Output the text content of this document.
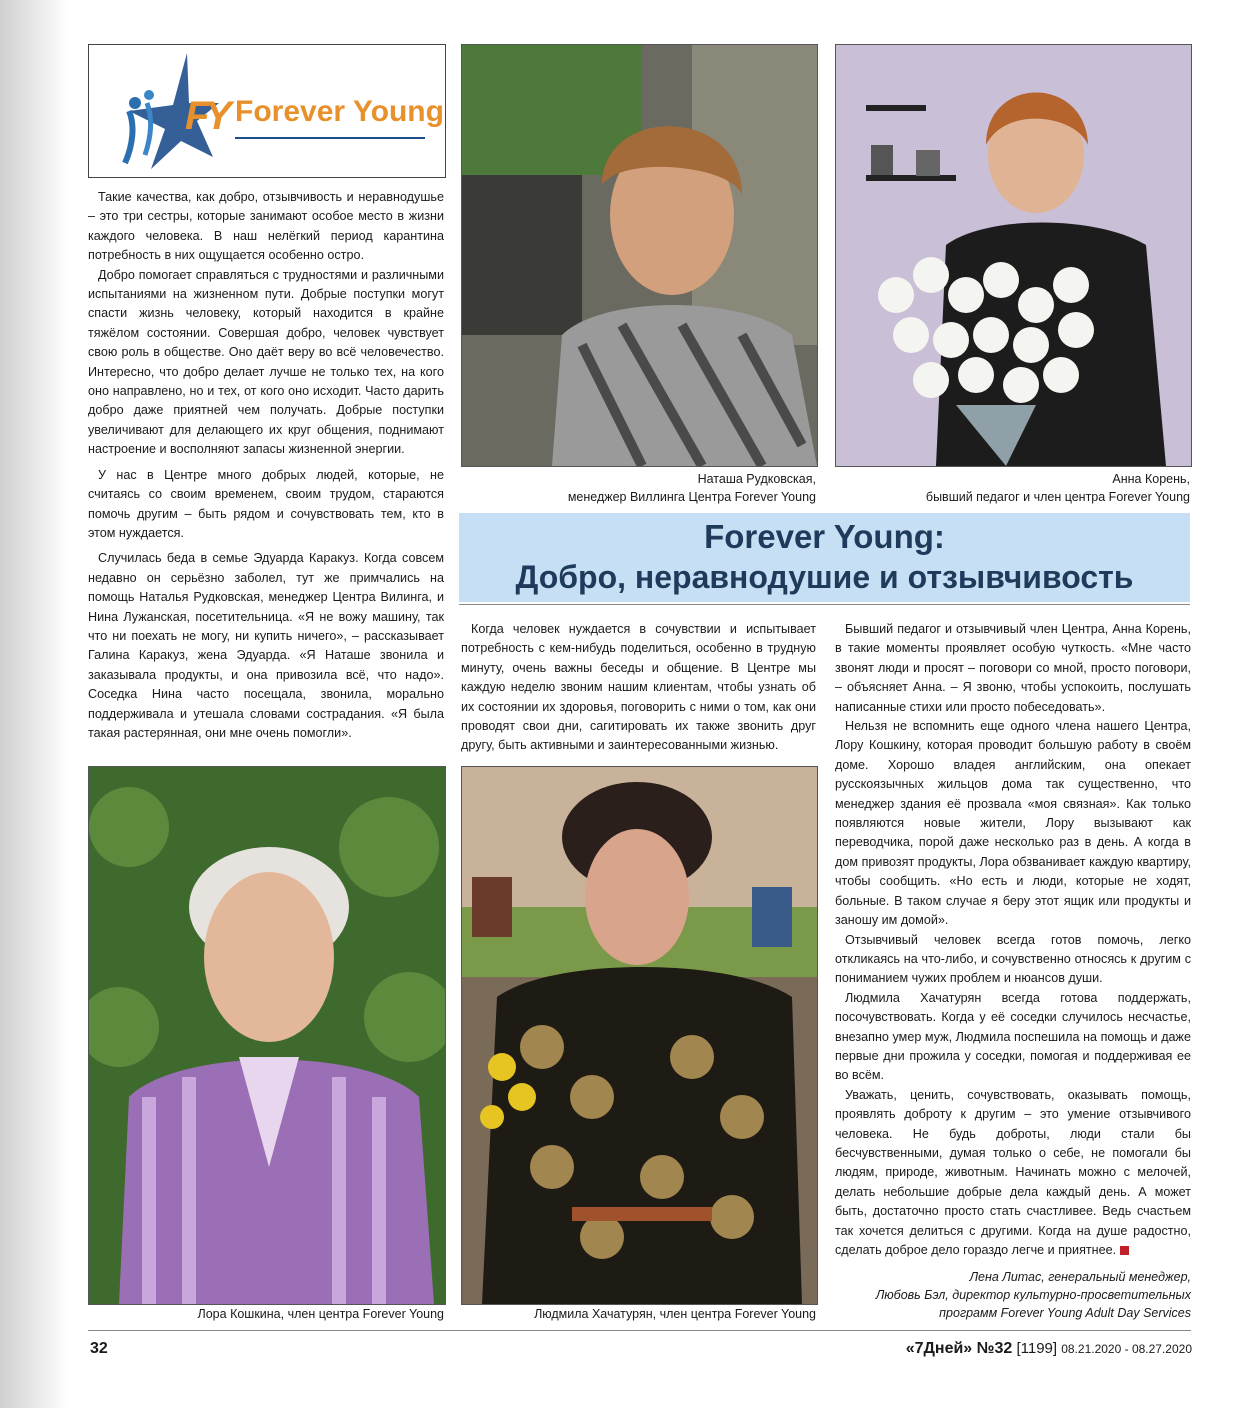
F
Y Forever Young

Такие качества, как добро, отзывчивость и неравнодушье – это три сестры, которые занимают особое место в жизни каждого человека. В наш нелёгкий период карантина потребность в них ощущается особенно остро.

Добро помогает справляться с трудностями и различными испытаниями на жизненном пути. Добрые поступки могут спасти жизнь человеку, который находится в крайне тяжёлом состоянии. Совершая добро, человек чувствует свою роль в обществе. Оно даёт веру во всё человечество. Интересно, что добро делает лучше не только тех, на кого оно направлено, но и тех, от кого оно исходит. Часто дарить добро даже приятней чем получать. Добрые поступки увеличивают для делающего их круг общения, поднимают настроение и восполняют запасы жизненной энергии.

У нас в Центре много добрых людей, которые, не считаясь со своим временем, своим трудом, стараются помочь другим – быть рядом и сочувствовать тем, кто в этом нуждается.

Случилась беда в семье Эдуарда Каракуз. Когда совсем недавно он серьёзно заболел, тут же примчались на помощь Наталья Рудковская, менеджер Центра Вилинга, и Нина Лужанская, посетительница. «Я не вожу машину, так что ни поехать не могу, ни купить ничего», – рассказывает Галина Каракуз, жена Эдуарда. «Я Наташе звонила и заказывала продукты, и она привозила всё, что надо». Соседка Нина часто посещала, звонила, морально поддерживала и утешала словами сострадания. «Я была такая растерянная, они мне очень помогли».

Наташа Рудковская,
менеджер Виллинга Центра Forever Young
Анна Корень,
бывший педагог и член центра Forever Young
Forever Young:
Добро, неравнодушие и отзывчивость

Когда человек нуждается в сочувствии и испытывает потребность с кем-нибудь поделиться, особенно в трудную минуту, очень важны беседы и общение. В Центре мы каждую неделю звоним нашим клиентам, чтобы узнать об их состоянии их здоровья, поговорить с ними о том, как они проводят свои дни, сагитировать их также звонить друг другу, быть активными и заинтересованными жизнью.

Бывший педагог и отзывчивый член Центра, Анна Корень, в такие моменты проявляет особую чуткость. «Мне часто звонят люди и просят – поговори со мной, просто поговори, – объясняет Анна. – Я звоню, чтобы успокоить, послушать написанные стихи или просто побеседовать».

Нельзя не вспомнить еще одного члена нашего Центра, Лору Кошкину, которая проводит большую работу в своём доме. Хорошо владея английским, она опекает русскоязычных жильцов дома так существенно, что менеджер здания её прозвала «моя связная». Как только появляются новые жители, Лору вызывают как переводчика, порой даже несколько раз в день. А когда в дом привозят продукты, Лора обзванивает каждую квартиру, чтобы сообщить. «Но есть и люди, которые не ходят, больные. В таком случае я беру этот ящик или продукты и заношу им домой».

Отзывчивый человек всегда готов помочь, легко откликаясь на что-либо, и сочувственно относясь к другим с пониманием чужих проблем и нюансов души.

Людмила Хачатурян всегда готова поддержать, посочувствовать. Когда у её соседки случилось несчастье, внезапно умер муж, Людмила поспешила на помощь и даже первые дни прожила у соседки, помогая и поддерживая ее во всём.

Уважать, ценить, сочувствовать, оказывать помощь, проявлять доброту к другим – это умение отзывчивого человека. Не будь доброты, люди стали бы бесчувственными, думая только о себе, не помогали бы людям, природе, животным. Начинать можно с мелочей, делать небольшие добрые дела каждый день. А может быть, достаточно просто стать счастливее. Ведь счастьем так хочется делиться с другими. Когда на душе радостно, сделать доброе дело гораздо легче и приятнее.

Лена Литас, генеральный менеджер,
Любовь Бэл, директор культурно-просветительных
программ Forever Young Adult Day Services
Лора Кошкина, член центра Forever Young	Людмила Хачатурян, член центра Forever Young
32	«7Дней» №32 [1199] 08.21.2020 - 08.27.2020
